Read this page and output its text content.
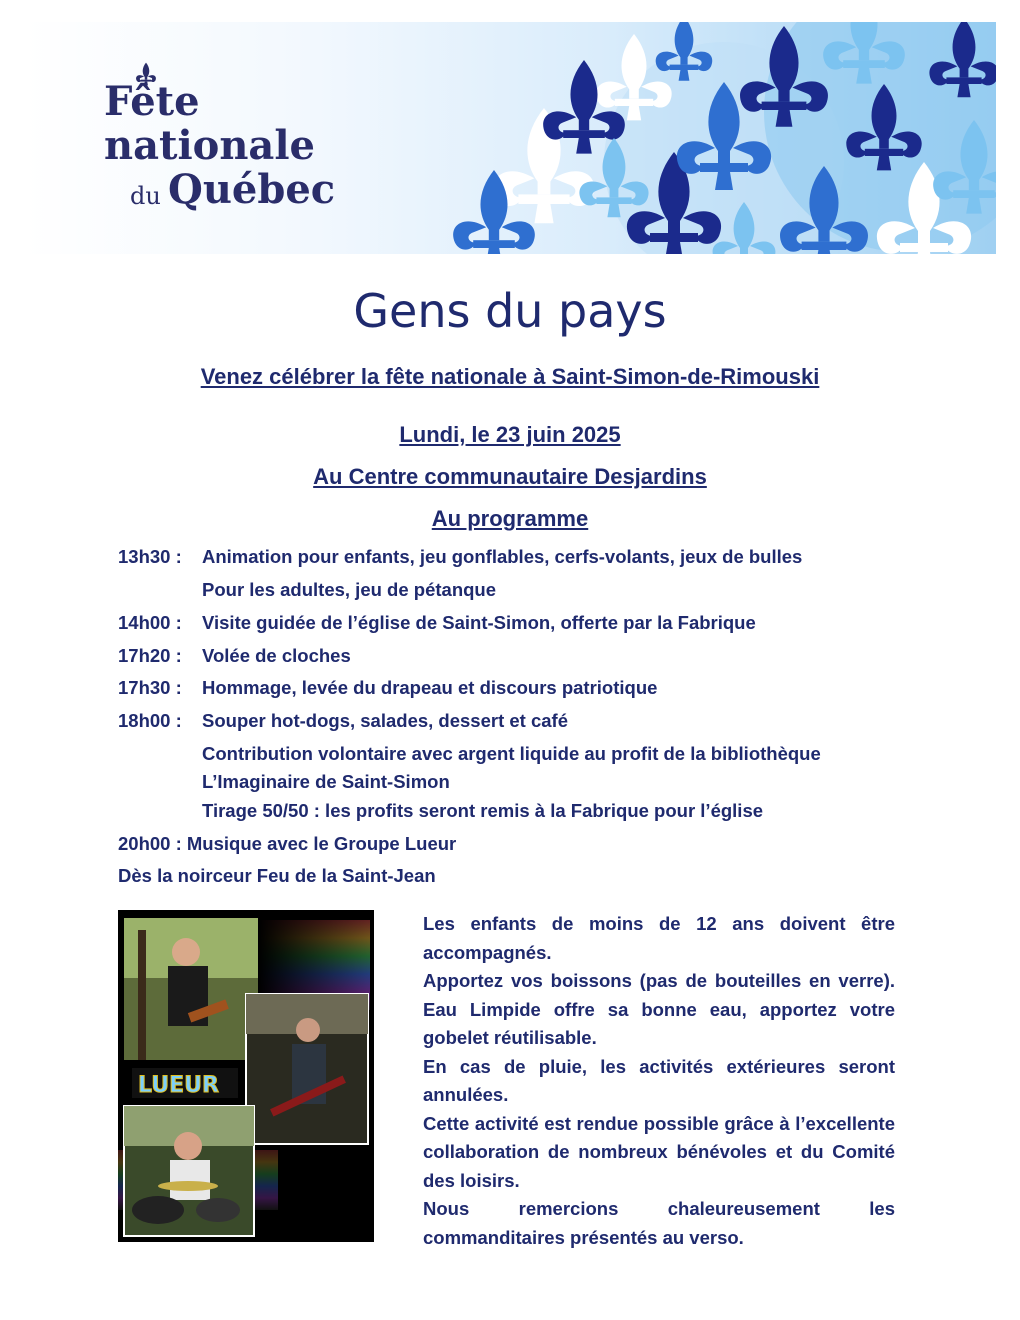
Fête
nationale
du Québec
Gens du pays
Venez célébrer la fête nationale à Saint-Simon-de-Rimouski
Lundi, le 23 juin 2025
Au Centre communautaire Desjardins
Au programme
13h30 : Animation pour enfants, jeu gonflables, cerfs-volants, jeux de bulles
Pour les adultes, jeu de pétanque
14h00 : Visite guidée de l’église de Saint-Simon, offerte par la Fabrique
17h20 : Volée de cloches
17h30 : Hommage, levée du drapeau et discours patriotique
18h00 : Souper hot-dogs, salades, dessert et café
Contribution volontaire avec argent liquide au profit de la bibliothèque
L’Imaginaire de Saint-Simon
Tirage 50/50 : les profits seront remis à la Fabrique pour l’église
20h00 : Musique avec le Groupe Lueur
Dès la noirceur Feu de la Saint-Jean
LUEUR

Les enfants de moins de 12 ans doivent être accompagnés.

Apportez vos boissons (pas de bouteilles en verre). Eau Limpide offre sa bonne eau, apportez votre gobelet réutilisable.

En cas de pluie, les activités extérieures seront annulées.

Cette activité est rendue possible grâce à l’excellente collaboration de nombreux bénévoles et du Comité des loisirs.

Nous remercions chaleureusement les commanditaires présentés au verso.
